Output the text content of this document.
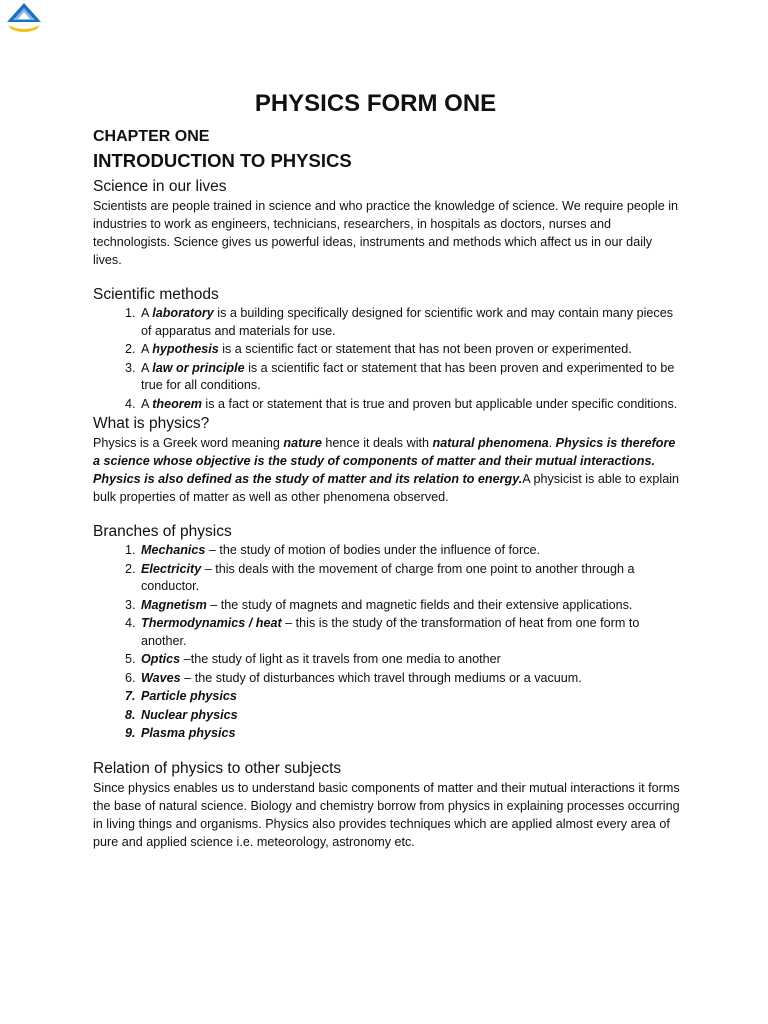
PHYSICS FORM ONE
CHAPTER ONE
INTRODUCTION TO PHYSICS
Science in our lives

Scientists are people trained in science and who practice the knowledge of science. We require people in industries to work as engineers, technicians, researchers, in hospitals as doctors, nurses and technologists. Science gives us powerful ideas, instruments and methods which affect us in our daily lives.

Scientific methods
1. A laboratory is a building specifically designed for scientific work and may contain many pieces of apparatus and materials for use.
2. A hypothesis is a scientific fact or statement that has not been proven or experimented.
3. A law or principle is a scientific fact or statement that has been proven and experimented to be true for all conditions.
4. A theorem is a fact or statement that is true and proven but applicable under specific conditions.
What is physics?

Physics is a Greek word meaning nature hence it deals with natural phenomena. Physics is therefore a science whose objective is the study of components of matter and their mutual interactions. Physics is also defined as the study of matter and its relation to energy.A physicist is able to explain bulk properties of matter as well as other phenomena observed.

Branches of physics
1. Mechanics – the study of motion of bodies under the influence of force.
2. Electricity – this deals with the movement of charge from one point to another through a conductor.
3. Magnetism – the study of magnets and magnetic fields and their extensive applications.
4. Thermodynamics / heat – this is the study of the transformation of heat from one form to another.
5. Optics –the study of light as it travels from one media to another
6. Waves – the study of disturbances which travel through mediums or a vacuum.
7. Particle physics
8. Nuclear physics
9. Plasma physics
Relation of physics to other subjects

Since physics enables us to understand basic components of matter and their mutual interactions it forms the base of natural science. Biology and chemistry borrow from physics in explaining processes occurring in living things and organisms. Physics also provides techniques which are applied almost every area of pure and applied science i.e. meteorology, astronomy etc.
